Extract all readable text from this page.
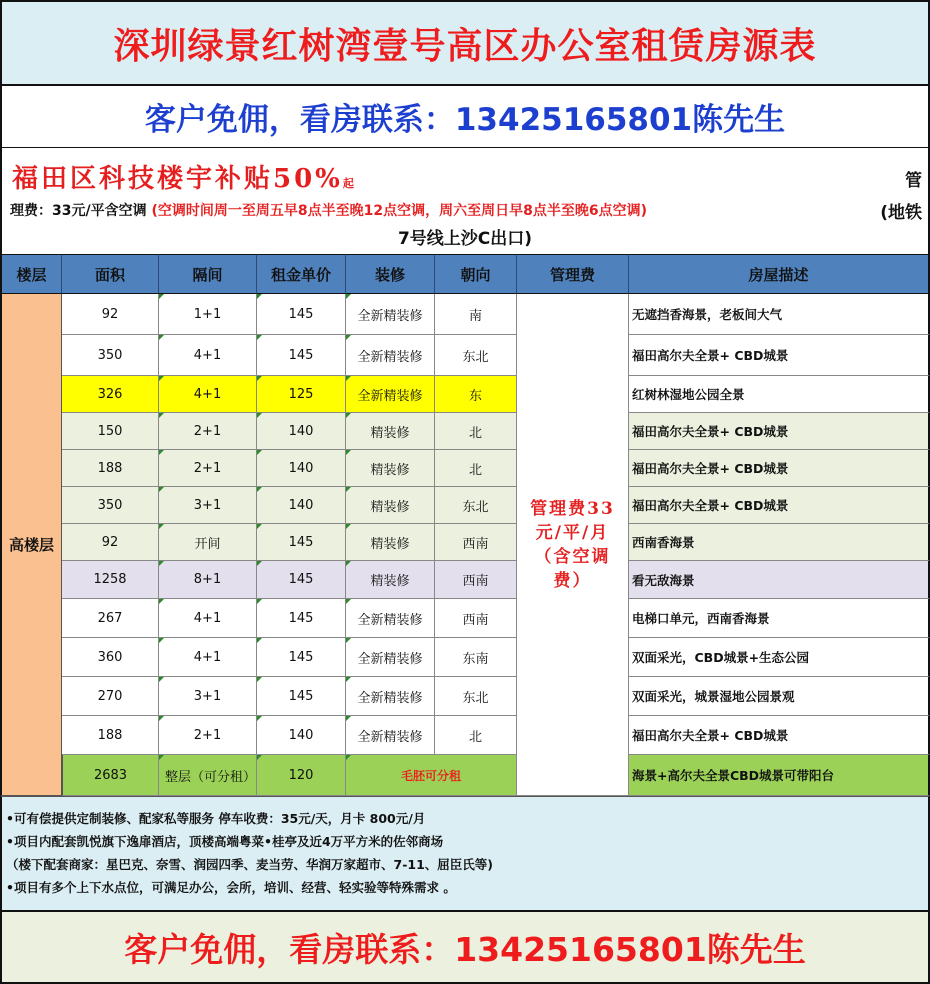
深圳绿景红树湾壹号高区办公室租赁房源表
客户免佣，看房联系：13425165801陈先生
福田区科技楼宇补贴50%起	管
理费：33元/平含空调 (空调时间周一至周五早8点半至晚12点空调，周六至周日早8点半至晚6点空调)	(地铁
7号线上沙C出口)
楼层	面积	隔间	租金单价	装修	朝向	管理费	房屋描述
高楼层
92	1+1	145	全新精装修	南	无遮挡香海景，老板间大气
350	4+1	145	全新精装修	东北	福田高尔夫全景+ CBD城景
326	4+1	125	全新精装修	东	红树林湿地公园全景
150	2+1	140	精装修	北	福田高尔夫全景+ CBD城景
188	2+1	140	精装修	北	福田高尔夫全景+ CBD城景
350	3+1	140	精装修	东北	福田高尔夫全景+ CBD城景
92	开间	145	精装修	西南	西南香海景
1258	8+1	145	精装修	西南	看无敌海景
267	4+1	145	全新精装修	西南	电梯口单元，西南香海景
360	4+1	145	全新精装修	东南	双面采光，CBD城景+生态公园
270	3+1	145	全新精装修	东北	双面采光，城景湿地公园景观
188	2+1	140	全新精装修	北	福田高尔夫全景+ CBD城景
2683	整层（可分租）	120	毛胚可分租	海景+高尔夫全景CBD城景可带阳台
管理费33元/平/月（含空调费）
•可有偿提供定制装修、配家私等服务 停车收费：35元/天，月卡 800元/月
•项目内配套凯悦旗下逸扉酒店，顶楼高端粤菜•桂亭及近4万平方米的佐邻商场
（楼下配套商家：星巴克、奈雪、润园四季、麦当劳、华润万家超市、7-11、屈臣氏等)
•项目有多个上下水点位，可满足办公，会所，培训、经营、轻实验等特殊需求 。
客户免佣，看房联系：13425165801陈先生
